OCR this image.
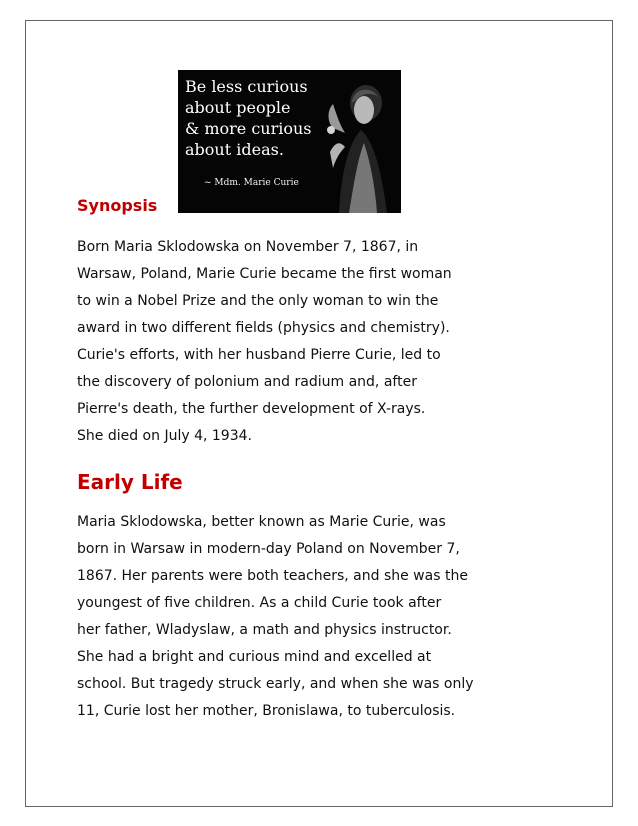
Be less curious
about people
& more curious
about ideas.
~ Mdm. Marie Curie
Synopsis

Born Maria Sklodowska on November 7, 1867, in
Warsaw, Poland, Marie Curie became the first woman
to win a Nobel Prize and the only woman to win the
award in two different fields (physics and chemistry).
Curie's efforts, with her husband Pierre Curie, led to
the discovery of polonium and radium and, after
Pierre's death, the further development of X-rays.
She died on July 4, 1934.

Early Life

Maria Sklodowska, better known as Marie Curie, was
born in Warsaw in modern-day Poland on November 7,
1867. Her parents were both teachers, and she was the
youngest of five children. As a child Curie took after
her father, Wladyslaw, a math and physics instructor.
She had a bright and curious mind and excelled at
school. But tragedy struck early, and when she was only
11, Curie lost her mother, Bronislawa, to tuberculosis.
